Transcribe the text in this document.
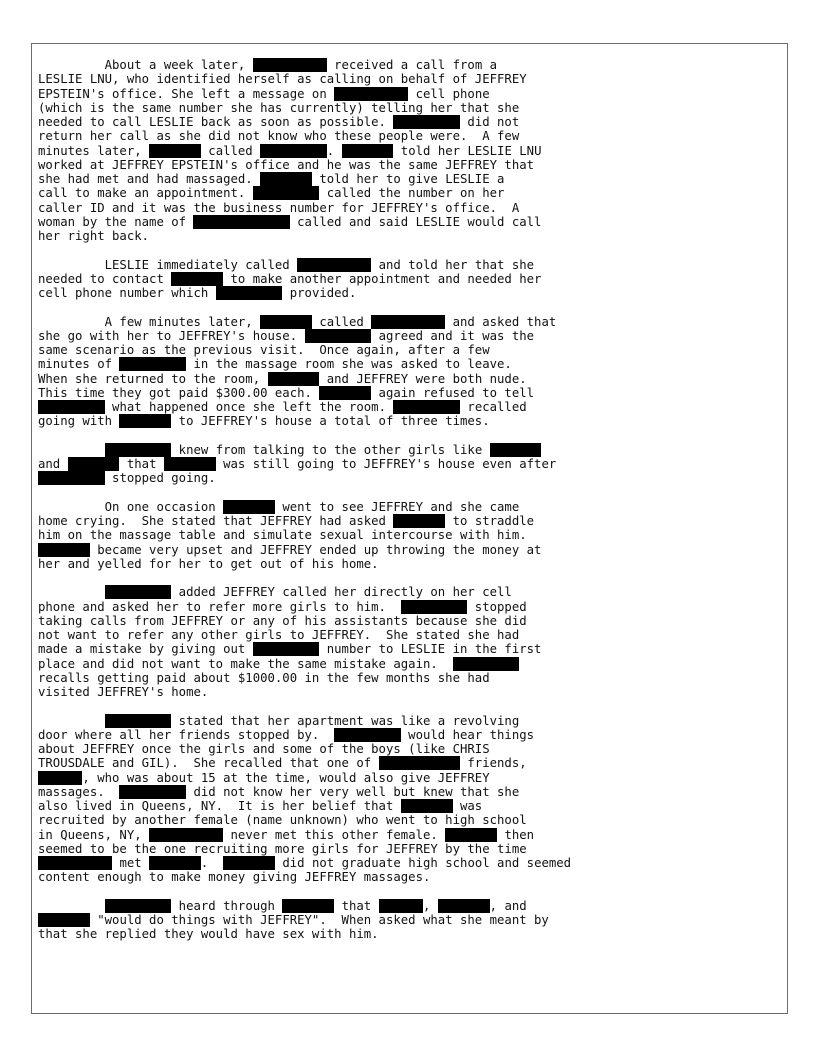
About a week later,	received a call from a
LESLIE LNU, who identified herself as calling on behalf of JEFFREY
EPSTEIN's office. She left a message on	cell phone
(which is the same number she has currently) telling her that she
needed to call LESLIE back as soon as possible.	did not
return her call as she did not know who these people were.  A few
minutes later,	called	.	told her LESLIE LNU
worked at JEFFREY EPSTEIN's office and he was the same JEFFREY that
she had met and had massaged.	told her to give LESLIE a
call to make an appointment.	called the number on her
caller ID and it was the business number for JEFFREY's office.  A
woman by the name of	called and said LESLIE would call
her right back.
LESLIE immediately called	and told her that she
needed to contact	to make another appointment and needed her
cell phone number which	provided.
A few minutes later,	called	and asked that
she go with her to JEFFREY's house.	agreed and it was the
same scenario as the previous visit.  Once again, after a few
minutes of	in the massage room she was asked to leave.
When she returned to the room,	and JEFFREY were both nude.
This time they got paid $300.00 each.	again refused to tell
what happened once she left the room.	recalled
going with	to JEFFREY's house a total of three times.
knew from talking to the other girls like
and	that	was still going to JEFFREY's house even after
stopped going.
On one occasion	went to see JEFFREY and she came
home crying.  She stated that JEFFREY had asked	to straddle
him on the massage table and simulate sexual intercourse with him.
became very upset and JEFFREY ended up throwing the money at
her and yelled for her to get out of his home.
added JEFFREY called her directly on her cell
phone and asked her to refer more girls to him.	stopped
taking calls from JEFFREY or any of his assistants because she did
not want to refer any other girls to JEFFREY.  She stated she had
made a mistake by giving out	number to LESLIE in the first
place and did not want to make the same mistake again.
recalls getting paid about $1000.00 in the few months she had
visited JEFFREY's home.
stated that her apartment was like a revolving
door where all her friends stopped by.	would hear things
about JEFFREY once the girls and some of the boys (like CHRIS
TROUSDALE and GIL).  She recalled that one of	friends,
, who was about 15 at the time, would also give JEFFREY
massages.	did not know her very well but knew that she
also lived in Queens, NY.  It is her belief that	was
recruited by another female (name unknown) who went to high school
in Queens, NY,	never met this other female.	then
seemed to be the one recruiting more girls for JEFFREY by the time
met	.	did not graduate high school and seemed
content enough to make money giving JEFFREY massages.
heard through	that	,	, and
"would do things with JEFFREY".  When asked what she meant by
that she replied they would have sex with him.
